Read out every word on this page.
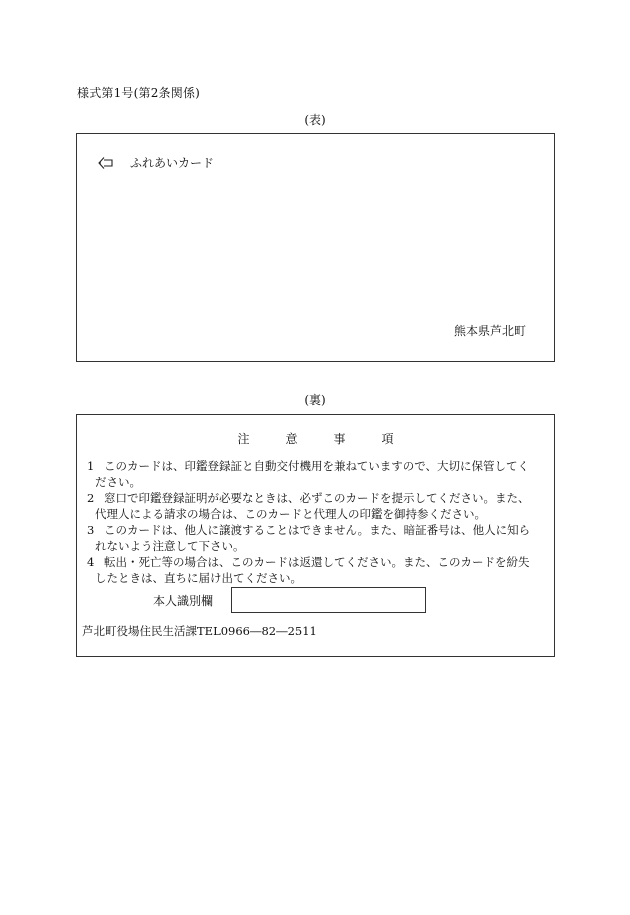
様式第1号(第2条関係)
(表)
ふれあいカード
熊本県芦北町
(裏)
注	意	事	項
1 このカードは、印鑑登録証と自動交付機用を兼ねていますので、大切に保管してく
ださい。
2 窓口で印鑑登録証明が必要なときは、必ずこのカードを提示してください。また、
代理人による請求の場合は、このカードと代理人の印鑑を御持参ください。
3 このカードは、他人に譲渡することはできません。また、暗証番号は、他人に知ら
れないよう注意して下さい。
4 転出・死亡等の場合は、このカードは返還してください。また、このカードを紛失
したときは、直ちに届け出てください。
本人識別欄
芦北町役場住民生活課TEL0966―82―2511
